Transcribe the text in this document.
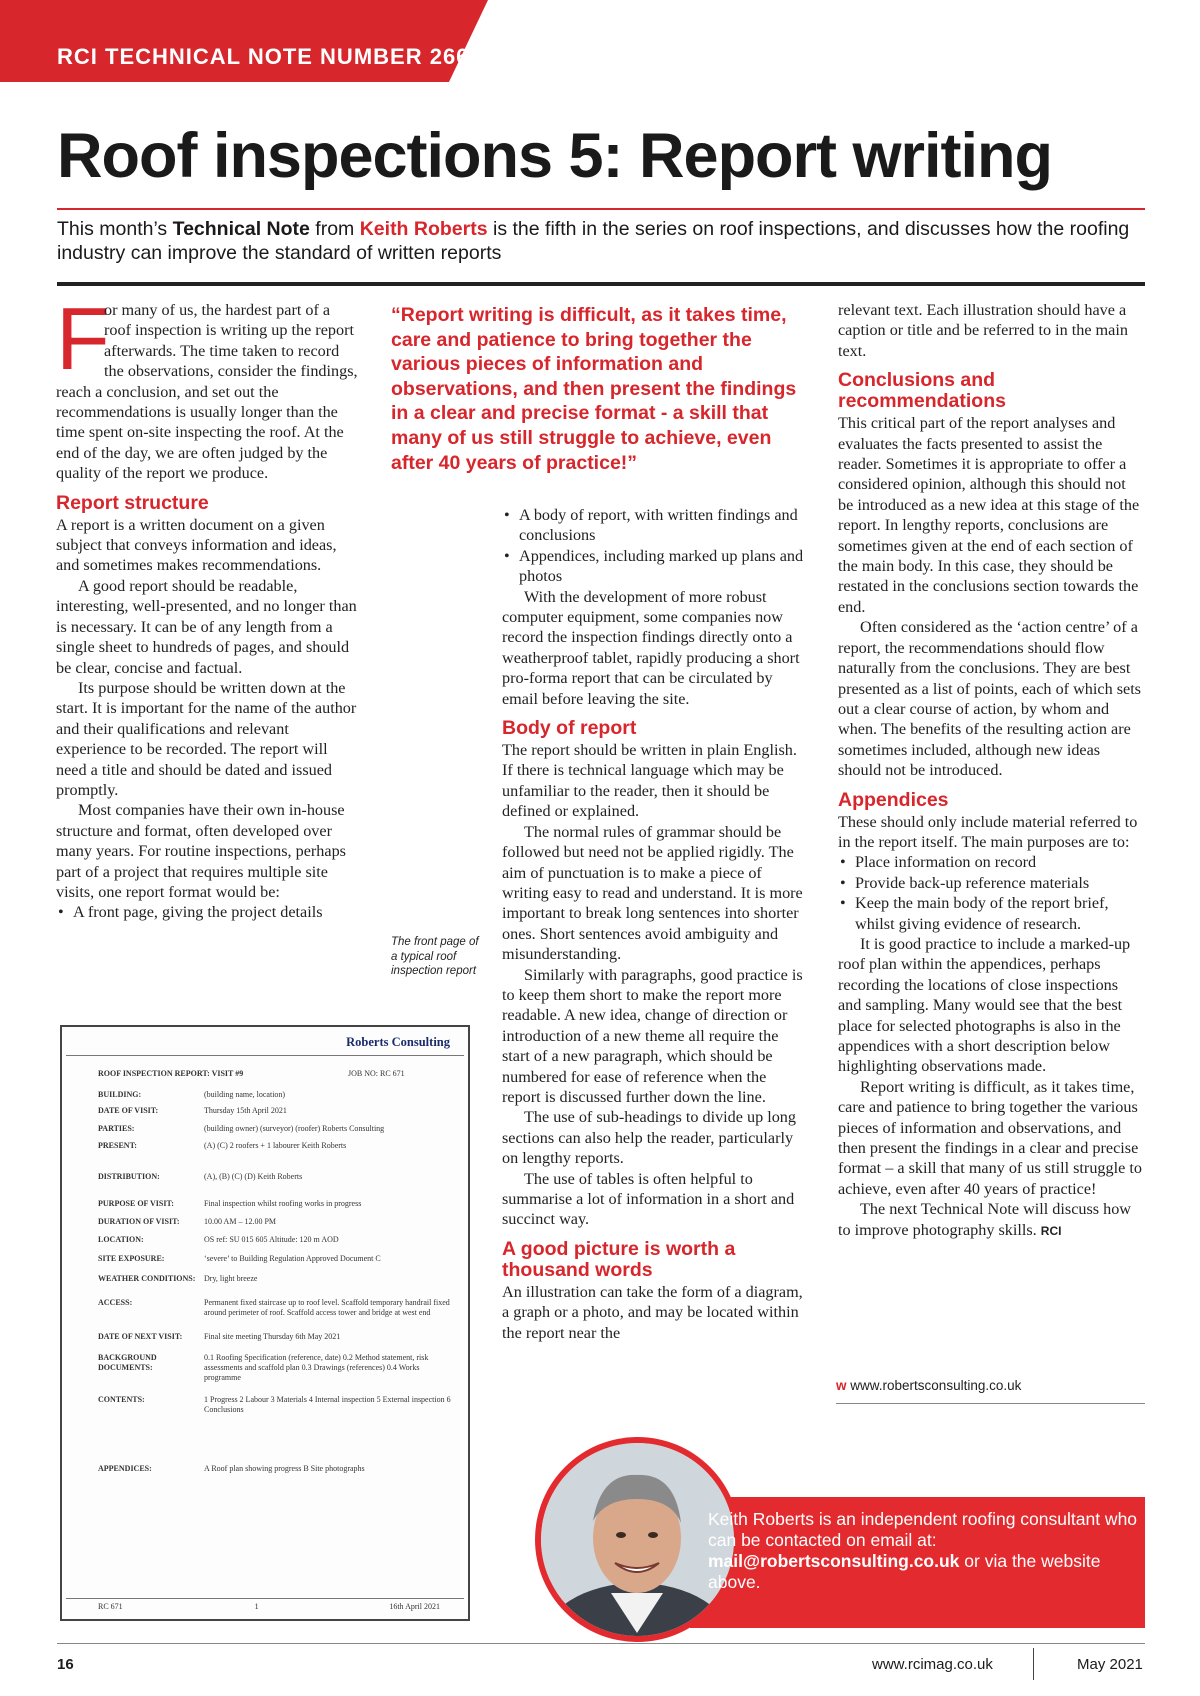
RCI TECHNICAL NOTE NUMBER 266
Roof inspections 5: Report writing
This month’s Technical Note from Keith Roberts is the fifth in the series on roof inspections, and discusses how the roofing industry can improve the standard of written reports

F
or many of us, the hardest part of a roof inspection is writing up the report afterwards. The time taken to record the observations, consider the findings, reach a conclusion, and set out the recommendations is usually longer than the time spent on-site inspecting the roof. At the end of the day, we are often judged by the quality of the report we produce.

Report structure

A report is a written document on a given subject that conveys information and ideas, and sometimes makes recommendations.

A good report should be readable, interesting, well-presented, and no longer than is necessary. It can be of any length from a single sheet to hundreds of pages, and should be clear, concise and factual.

Its purpose should be written down at the start. It is important for the name of the author and their qualifications and relevant experience to be recorded. The report will need a title and should be dated and issued promptly.

Most companies have their own in-house structure and format, often developed over many years. For routine inspections, perhaps part of a project that requires multiple site visits, one report format would be:

• A front page, giving the project details
“Report writing is difficult, as it takes time, care and patience to bring together the various pieces of information and observations, and then present the findings in a clear and precise format - a skill that many of us still struggle to achieve, even after 40 years of practice!”
The front page of a typical roof inspection report
• A body of report, with written findings and conclusions
• Appendices, including marked up plans and photos

With the development of more robust computer equipment, some companies now record the inspection findings directly onto a weatherproof tablet, rapidly producing a short pro-forma report that can be circulated by email before leaving the site.

Body of report

The report should be written in plain English. If there is technical language which may be unfamiliar to the reader, then it should be defined or explained.

The normal rules of grammar should be followed but need not be applied rigidly. The aim of punctuation is to make a piece of writing easy to read and understand. It is more important to break long sentences into shorter ones. Short sentences avoid ambiguity and misunderstanding.

Similarly with paragraphs, good practice is to keep them short to make the report more readable. A new idea, change of direction or introduction of a new theme all require the start of a new paragraph, which should be numbered for ease of reference when the report is discussed further down the line.

The use of sub-headings to divide up long sections can also help the reader, particularly on lengthy reports.

The use of tables is often helpful to summarise a lot of information in a short and succinct way.

A good picture is worth a thousand words

An illustration can take the form of a diagram, a graph or a photo, and may be located within the report near the

relevant text. Each illustration should have a caption or title and be referred to in the main text.

Conclusions and recommendations

This critical part of the report analyses and evaluates the facts presented to assist the reader. Sometimes it is appropriate to offer a considered opinion, although this should not be introduced as a new idea at this stage of the report. In lengthy reports, conclusions are sometimes given at the end of each section of the main body. In this case, they should be restated in the conclusions section towards the end.

Often considered as the ‘action centre’ of a report, the recommendations should flow naturally from the conclusions. They are best presented as a list of points, each of which sets out a clear course of action, by whom and when. The benefits of the resulting action are sometimes included, although new ideas should not be introduced.

Appendices

These should only include material referred to in the report itself. The main purposes are to:

• Place information on record
• Provide back-up reference materials
• Keep the main body of the report brief, whilst giving evidence of research.

It is good practice to include a marked-up roof plan within the appendices, perhaps recording the locations of close inspections and sampling. Many would see that the best place for selected photographs is also in the appendices with a short description below highlighting observations made.

Report writing is difficult, as it takes time, care and patience to bring together the various pieces of information and observations, and then present the findings in a clear and precise format – a skill that many of us still struggle to achieve, even after 40 years of practice!

The next Technical Note will discuss how to improve photography skills. RCI

w www.robertsconsulting.co.uk
Roberts Consulting
ROOF INSPECTION REPORT: VISIT #9	JOB NO: RC 671
BUILDING:	(building name, location)
DATE OF VISIT:	Thursday 15th April 2021
PARTIES:	(building owner) (surveyor) (roofer) Roberts Consulting
PRESENT:	(A) (C) 2 roofers + 1 labourer Keith Roberts
DISTRIBUTION:	(A), (B) (C) (D) Keith Roberts
PURPOSE OF VISIT:	Final inspection whilst roofing works in progress
DURATION OF VISIT:	10.00 AM – 12.00 PM
LOCATION:	OS ref: SU 015 605 Altitude: 120 m AOD
SITE EXPOSURE:	‘severe’ to Building Regulation Approved Document C
WEATHER CONDITIONS:	Dry, light breeze
ACCESS:	Permanent fixed staircase up to roof level. Scaffold temporary handrail fixed around perimeter of roof. Scaffold access tower and bridge at west end
DATE OF NEXT VISIT:	Final site meeting Thursday 6th May 2021
BACKGROUND DOCUMENTS:
0.1 Roofing Specification (reference, date) 0.2 Method statement, risk assessments and scaffold plan 0.3 Drawings (references) 0.4 Works programme
CONTENTS:	1 Progress 2 Labour 3 Materials 4 Internal inspection 5 External inspection 6 Conclusions
APPENDICES:	A Roof plan showing progress B Site photographs
RC 671	1	16th April 2021
Keith Roberts is an independent roofing consultant who can be contacted on email at: mail@robertsconsulting.co.uk or via the website above.
16	www.rcimag.co.uk	May 2021
